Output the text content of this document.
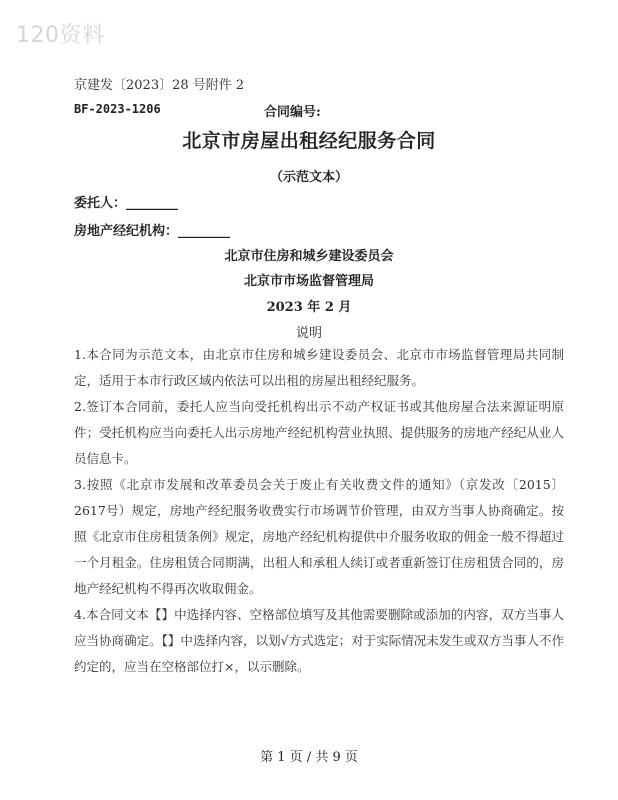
120资料
京建发〔2023〕28 号附件 2
BF-2023-1206	合同编号:
北京市房屋出租经纪服务合同
（示范文本）
委托人：________
房地产经纪机构：________
北京市住房和城乡建设委员会
北京市市场监督管理局
2023 年 2 月
说明
1.本合同为示范文本，由北京市住房和城乡建设委员会、北京市市场监督管理局共同制定，适用于本市行政区域内依法可以出租的房屋出租经纪服务。
2.签订本合同前，委托人应当向受托机构出示不动产权证书或其他房屋合法来源证明原件；受托机构应当向委托人出示房地产经纪机构营业执照、提供服务的房地产经纪从业人员信息卡。
3.按照《北京市发展和改革委员会关于废止有关收费文件的通知》（京发改〔2015〕2617号）规定，房地产经纪服务收费实行市场调节价管理，由双方当事人协商确定。按照《北京市住房租赁条例》规定，房地产经纪机构提供中介服务收取的佣金一般不得超过一个月租金。住房租赁合同期满，出租人和承租人续订或者重新签订住房租赁合同的，房地产经纪机构不得再次收取佣金。
4.本合同文本【】中选择内容、空格部位填写及其他需要删除或添加的内容，双方当事人应当协商确定。【】中选择内容，以划√方式选定；对于实际情况未发生或双方当事人不作约定的，应当在空格部位打×，以示删除。
第 1 页 / 共 9 页
